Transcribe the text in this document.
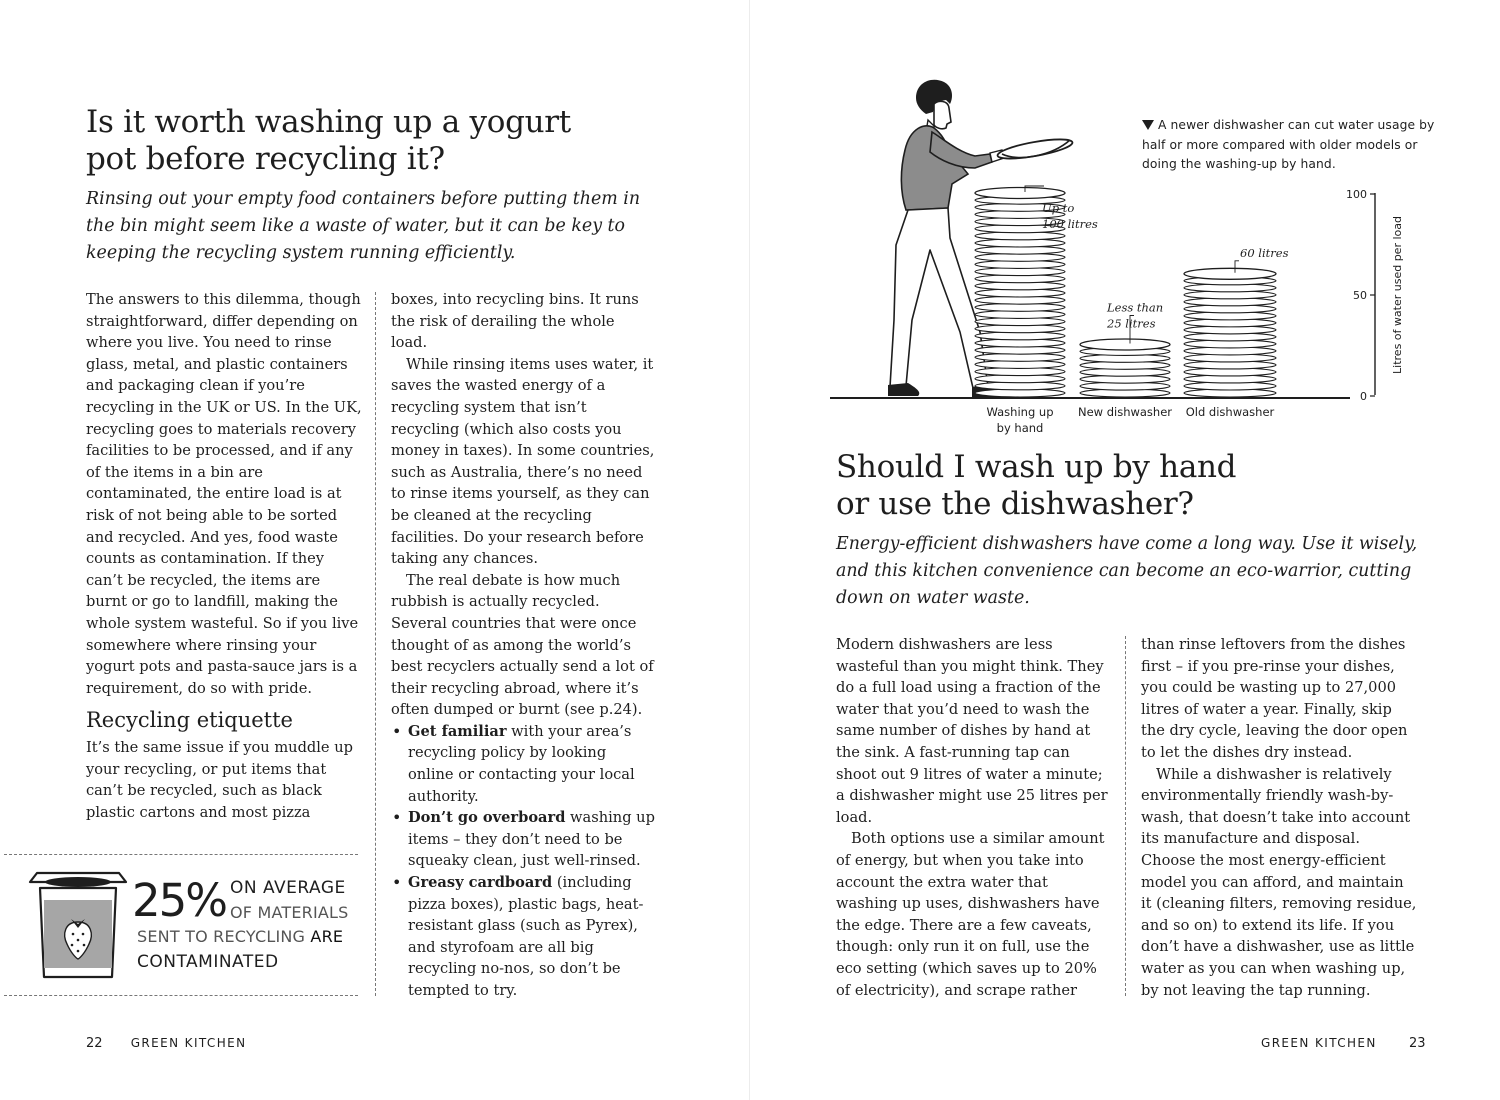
Is it worth washing up a yogurt
pot before recycling it?

Rinsing out your empty food containers before putting them in the bin might seem like a waste of water, but it can be key to keeping the recycling system running efficiently.

The answers to this dilemma, though straightforward, differ depending on where you live. You need to rinse glass, metal, and plastic containers and packaging clean if you’re recycling in the UK or US. In the UK, recycling goes to materials recovery facilities to be processed, and if any of the items in a bin are contaminated, the entire load is at risk of not being able to be sorted and recycled. And yes, food waste counts as contamination. If they can’t be recycled, the items are burnt or go to landfill, making the whole system wasteful. So if you live somewhere where rinsing your yogurt pots and pasta-sauce jars is a requirement, do so with pride.

Recycling etiquette

It’s the same issue if you muddle up your recycling, or put items that can’t be recycled, such as black plastic cartons and most pizza

boxes, into recycling bins. It runs the risk of derailing the whole load.

While rinsing items uses water, it saves the wasted energy of a recycling system that isn’t recycling (which also costs you money in taxes). In some countries, such as Australia, there’s no need to rinse items yourself, as they can be cleaned at the recycling facilities. Do your research before taking any chances.

The real debate is how much rubbish is actually recycled. Several countries that were once thought of as among the world’s best recyclers actually send a lot of their recycling abroad, where it’s often dumped or burnt (see p.24).

• Get familiar with your area’s recycling policy by looking online or contacting your local authority.
• Don’t go overboard washing up items – they don’t need to be squeaky clean, just well-rinsed.
• Greasy cardboard (including pizza boxes), plastic bags, heat-resistant glass (such as Pyrex), and styrofoam are all big recycling no-nos, so don’t be tempted to try.
25% ON AVERAGE
OF MATERIALS
SENT TO RECYCLING ARE
CONTAMINATED
22 GREEN KITCHEN
Up to
100 litres
Less than
25 litres
60 litres
Washing up
by hand
New dishwasher Old dishwasher
0
50
100
Litres of water used per load
A newer dishwasher can cut water usage by half or more compared with older models or doing the washing-up by hand.
Should I wash up by hand
or use the dishwasher?

Energy-efficient dishwashers have come a long way. Use it wisely, and this kitchen convenience can become an eco-warrior, cutting down on water waste.

Modern dishwashers are less wasteful than you might think. They do a full load using a fraction of the water that you’d need to wash the same number of dishes by hand at the sink. A fast-running tap can shoot out 9 litres of water a minute; a dishwasher might use 25 litres per load.

Both options use a similar amount of energy, but when you take into account the extra water that washing up uses, dishwashers have the edge. There are a few caveats, though: only run it on full, use the eco setting (which saves up to 20% of electricity), and scrape rather

than rinse leftovers from the dishes first – if you pre-rinse your dishes, you could be wasting up to 27,000 litres of water a year. Finally, skip the dry cycle, leaving the door open to let the dishes dry instead.

While a dishwasher is relatively environmentally friendly wash-by-wash, that doesn’t take into account its manufacture and disposal. Choose the most energy-efficient model you can afford, and maintain it (cleaning filters, removing residue, and so on) to extend its life. If you don’t have a dishwasher, use as little water as you can when washing up, by not leaving the tap running.

GREEN KITCHEN 23
